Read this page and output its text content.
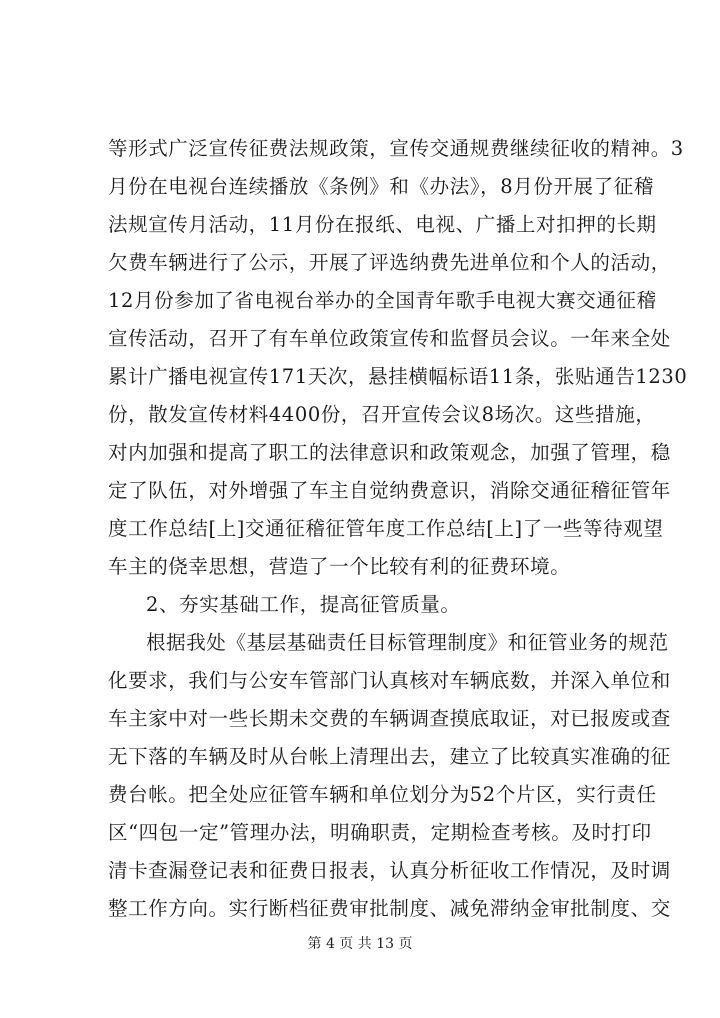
等形式广泛宣传征费法规政策，宣传交通规费继续征收的精神。3
月份在电视台连续播放《条例》和《办法》，8月份开展了征稽
法规宣传月活动，11月份在报纸、电视、广播上对扣押的长期
欠费车辆进行了公示，开展了评选纳费先进单位和个人的活动，
12月份参加了省电视台举办的全国青年歌手电视大赛交通征稽
宣传活动，召开了有车单位政策宣传和监督员会议。一年来全处
累计广播电视宣传171天次，悬挂横幅标语11条，张贴通告1230
份，散发宣传材料4400份，召开宣传会议8场次。这些措施，
对内加强和提高了职工的法律意识和政策观念，加强了管理，稳
定了队伍，对外增强了车主自觉纳费意识，消除交通征稽征管年
度工作总结[上]交通征稽征管年度工作总结[上]了一些等待观望
车主的侥幸思想，营造了一个比较有利的征费环境。
2、夯实基础工作，提高征管质量。
根据我处《基层基础责任目标管理制度》和征管业务的规范
化要求，我们与公安车管部门认真核对车辆底数，并深入单位和
车主家中对一些长期未交费的车辆调查摸底取证，对已报废或查
无下落的车辆及时从台帐上清理出去，建立了比较真实准确的征
费台帐。把全处应征管车辆和单位划分为52个片区，实行责任
区“四包一定”管理办法，明确职责，定期检查考核。及时打印
清卡查漏登记表和征费日报表，认真分析征收工作情况，及时调
整工作方向。实行断档征费审批制度、减免滞纳金审批制度、交
第 4 页 共 13 页
